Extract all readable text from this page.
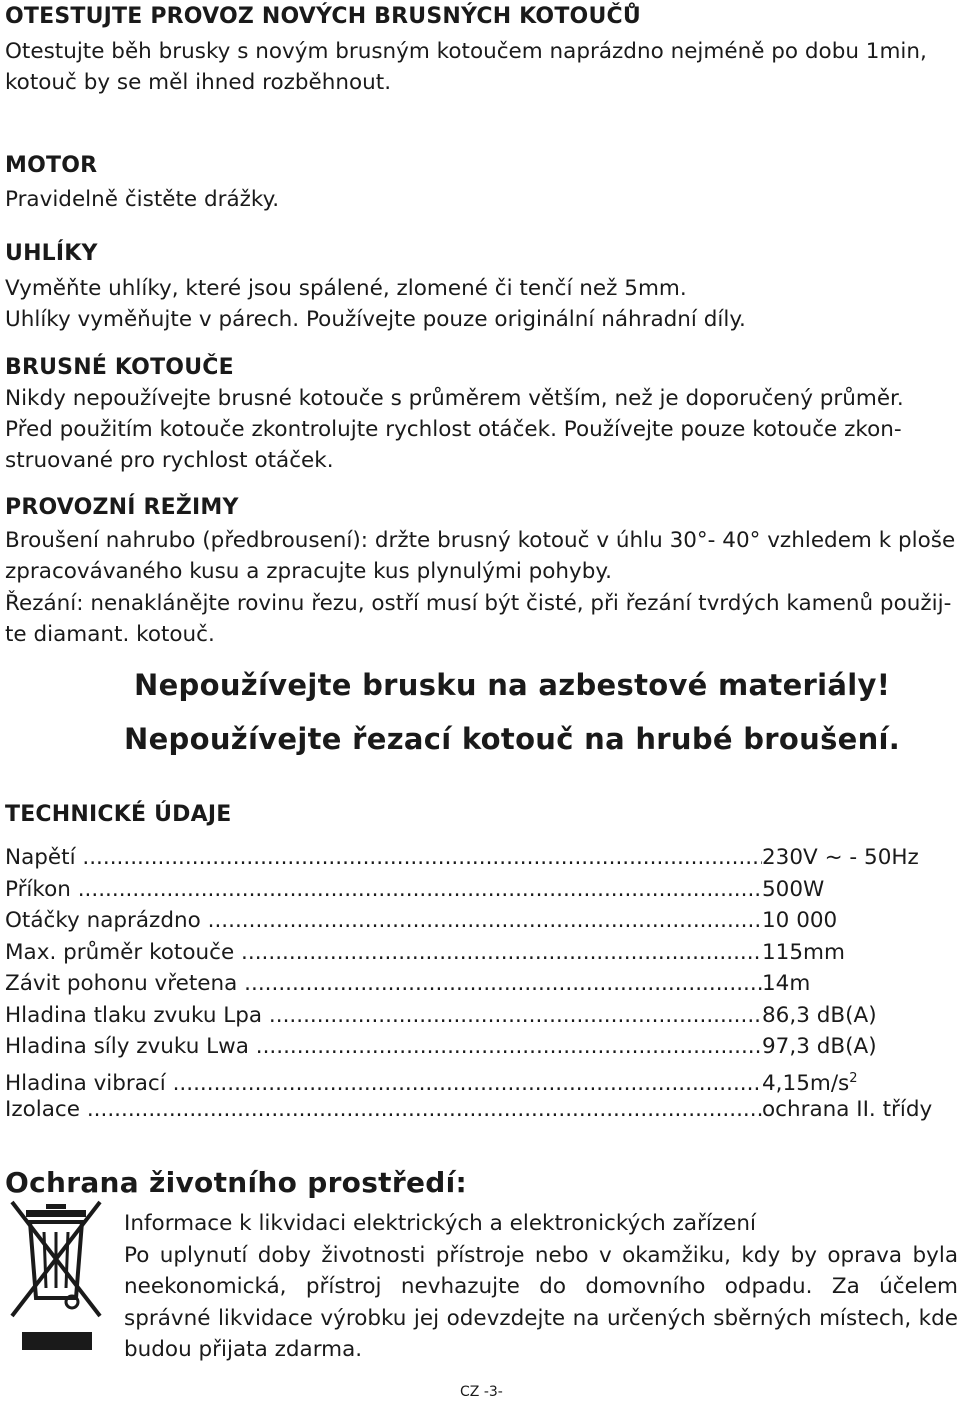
OTESTUJTE PROVOZ NOVÝCH BRUSNÝCH KOTOUČŮ
Otestujte běh brusky s novým brusným kotoučem naprázdno nejméně po dobu 1min,
kotouč by se měl ihned rozběhnout.
MOTOR
Pravidelně čistěte drážky.
UHLÍKY
Vyměňte uhlíky, které jsou spálené, zlomené či tenčí než 5mm.
Uhlíky vyměňujte v párech. Používejte pouze originální náhradní díly.
BRUSNÉ KOTOUČE
Nikdy nepoužívejte brusné kotouče s průměrem větším, než je doporučený průměr.
Před použitím kotouče zkontrolujte rychlost otáček. Používejte pouze kotouče zkon-
struované pro rychlost otáček.
PROVOZNÍ REŽIMY
Broušení nahrubo (předbrousení): držte brusný kotouč v úhlu 30°- 40° vzhledem k ploše
zpracovávaného kusu a zpracujte kus plynulými pohyby.
Řezání: nenaklánějte rovinu řezu, ostří musí být čisté, při řezání tvrdých kamenů použij-
te diamant. kotouč.
Nepoužívejte brusku na azbestové materiály!
Nepoužívejte řezací kotouč na hrubé broušení.
TECHNICKÉ ÚDAJE
Napětí .....	230V ~ - 50Hz
Příkon .....	500W
Otáčky naprázdno .....	10 000
Max. průměr kotouče .....	115mm
Závit pohonu vřetena .....	14m
Hladina tlaku zvuku Lpa .....	86,3 dB(A)
Hladina síly zvuku Lwa .....	97,3 dB(A)
Hladina vibrací .....	$4,15m/s^2$
Izolace .....	ochrana II. třídy
Ochrana životního prostředí:
Informace k likvidaci elektrických a elektronických zařízení
Po uplynutí doby životnosti přístroje nebo v okamžiku, kdy by oprava byla neekonomická, přístroj nevhazujte do domovního odpadu. Za účelem správné likvidace výrobku jej odevzdejte na určených sběrných místech, kde budou přijata zdarma.
CZ -3-
